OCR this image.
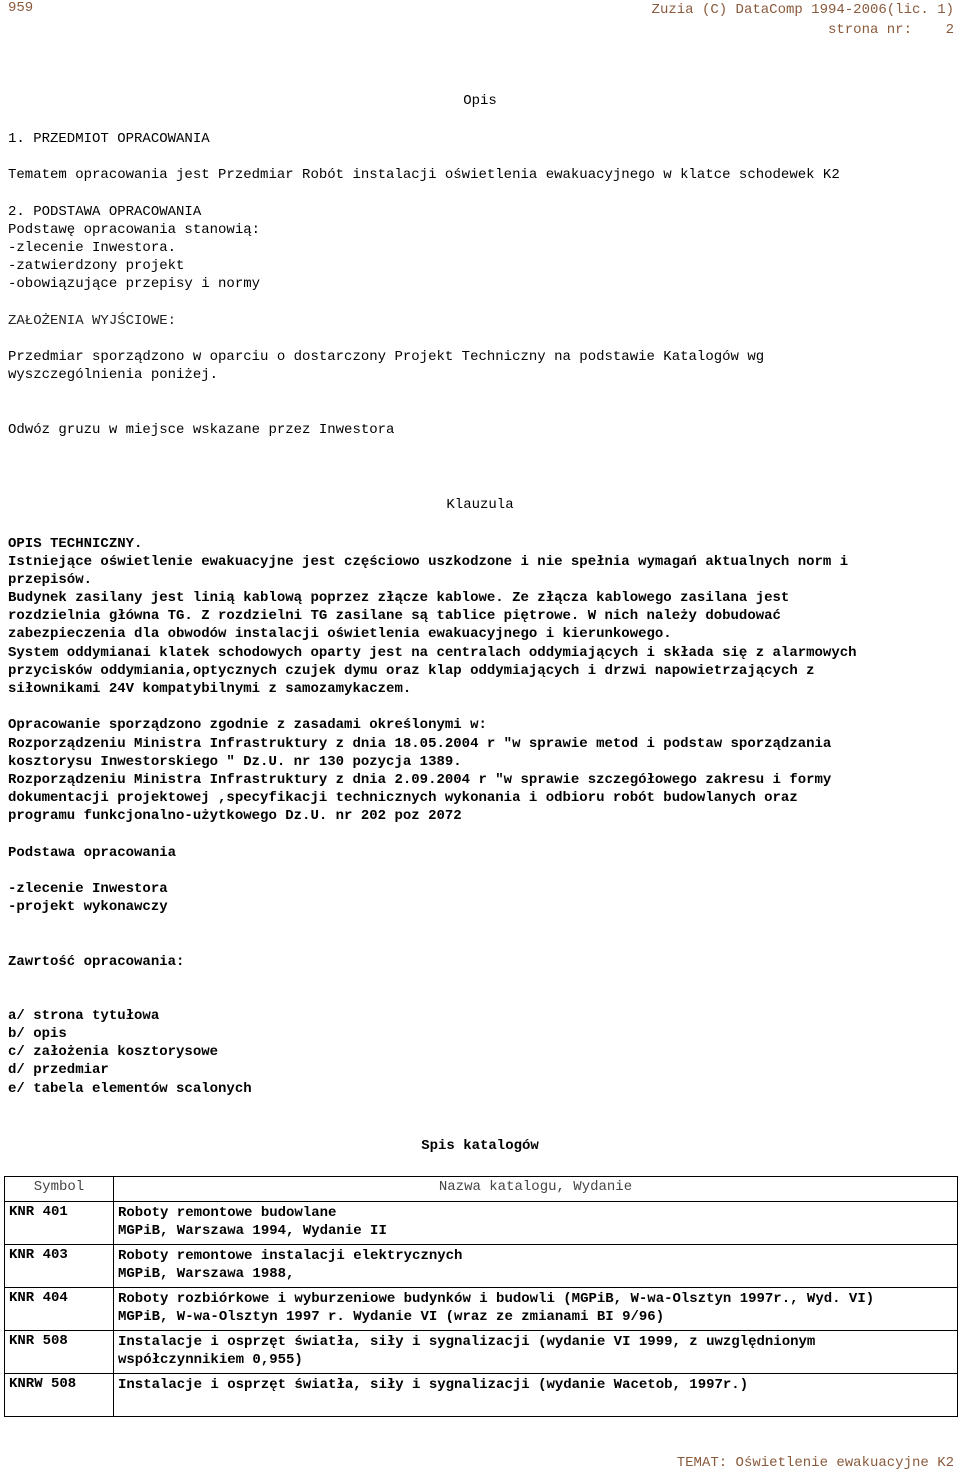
959	Zuzia (C) DataComp 1994-2006(lic. 1)
strona nr:    2
Opis
1. PRZEDMIOT OPRACOWANIA
Tematem opracowania jest Przedmiar Robót instalacji oświetlenia ewakuacyjnego w klatce schodewek K2
2. PODSTAWA OPRACOWANIA
Podstawę opracowania stanowią:
-zlecenie Inwestora.
-zatwierdzony projekt
-obowiązujące przepisy i normy
ZAŁOŻENIA WYJŚCIOWE:
Przedmiar sporządzono w oparciu o dostarczony Projekt Techniczny na podstawie Katalogów wg
wyszczególnienia poniżej.
Odwóz gruzu w miejsce wskazane przez Inwestora
Klauzula
OPIS TECHNICZNY.
Istniejące oświetlenie ewakuacyjne jest częściowo uszkodzone i nie spełnia wymagań aktualnych norm i
przepisów.
Budynek zasilany jest linią kablową poprzez złącze kablowe. Ze złącza kablowego zasilana jest
rozdzielnia główna TG. Z rozdzielni TG zasilane są tablice piętrowe. W nich należy dobudować
zabezpieczenia dla obwodów instalacji oświetlenia ewakuacyjnego i kierunkowego.
System oddymianai klatek schodowych oparty jest na centralach oddymiających i składa się z alarmowych
przycisków oddymiania,optycznych czujek dymu oraz klap oddymiających i drzwi napowietrzających z
siłownikami 24V kompatybilnymi z samozamykaczem.
Opracowanie sporządzono zgodnie z zasadami określonymi w:
Rozporządzeniu Ministra Infrastruktury z dnia 18.05.2004 r "w sprawie metod i podstaw sporządzania
kosztorysu Inwestorskiego " Dz.U. nr 130 pozycja 1389.
Rozporządzeniu Ministra Infrastruktury z dnia 2.09.2004 r "w sprawie szczegółowego zakresu i formy
dokumentacji projektowej ,specyfikacji technicznych wykonania i odbioru robót budowlanych oraz
programu funkcjonalno-użytkowego Dz.U. nr 202 poz 2072
Podstawa opracowania
-zlecenie Inwestora
-projekt wykonawczy
Zawrtość opracowania:
a/ strona tytułowa
b/ opis
c/ założenia kosztorysowe
d/ przedmiar
e/ tabela elementów scalonych
Spis katalogów
Symbol	Nazwa katalogu, Wydanie
KNR 401	Roboty remontowe budowlane
MGPiB, Warszawa 1994, Wydanie II

KNR 403	Roboty remontowe instalacji elektrycznych
MGPiB, Warszawa 1988,

KNR 404	Roboty rozbiórkowe i wyburzeniowe budynków i budowli (MGPiB, W-wa-Olsztyn 1997r., Wyd. VI)
MGPiB, W-wa-Olsztyn 1997 r. Wydanie VI (wraz ze zmianami BI 9/96)

KNR 508	Instalacje i osprzęt światła, siły i sygnalizacji (wydanie VI 1999, z uwzględnionym
współczynnikiem 0,955)

KNRW 508	Instalacje i osprzęt światła, siły i sygnalizacji (wydanie Wacetob, 1997r.)
TEMAT: Oświetlenie ewakuacyjne K2
